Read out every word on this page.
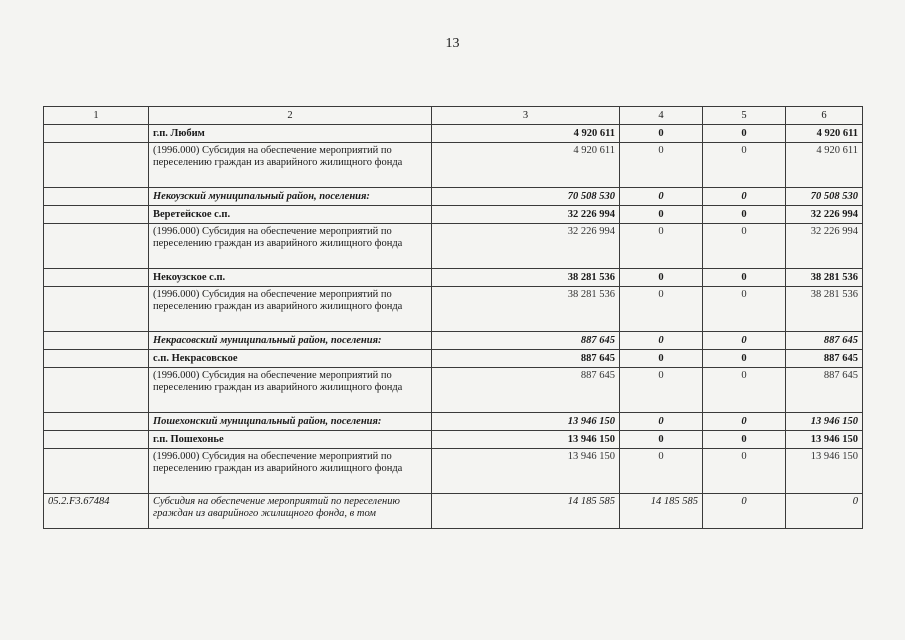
13
1	2	3	4	5	6
	г.п. Любим	4 920 611	0	0	4 920 611
	(1996.000) Субсидия на обеспечение мероприятий по переселению граждан из аварийного жилищного фонда	4 920 611	0	0	4 920 611
	Некоузский муниципальный район, поселения:	70 508 530	0	0	70 508 530
	Веретейское с.п.	32 226 994	0	0	32 226 994
	(1996.000) Субсидия на обеспечение мероприятий по переселению граждан из аварийного жилищного фонда	32 226 994	0	0	32 226 994
	Некоузское с.п.	38 281 536	0	0	38 281 536
	(1996.000) Субсидия на обеспечение мероприятий по переселению граждан из аварийного жилищного фонда	38 281 536	0	0	38 281 536
	Некрасовский муниципальный район, поселения:	887 645	0	0	887 645
	с.п. Некрасовское	887 645	0	0	887 645
	(1996.000) Субсидия на обеспечение мероприятий по переселению граждан из аварийного жилищного фонда	887 645	0	0	887 645
	Пошехонский муниципальный район, поселения:	13 946 150	0	0	13 946 150
	г.п. Пошехонье	13 946 150	0	0	13 946 150
	(1996.000) Субсидия на обеспечение мероприятий по переселению граждан из аварийного жилищного фонда	13 946 150	0	0	13 946 150
05.2.F3.67484	Субсидия на обеспечение мероприятий по переселению граждан из аварийного жилищного фонда, в том	14 185 585	14 185 585	0	0
